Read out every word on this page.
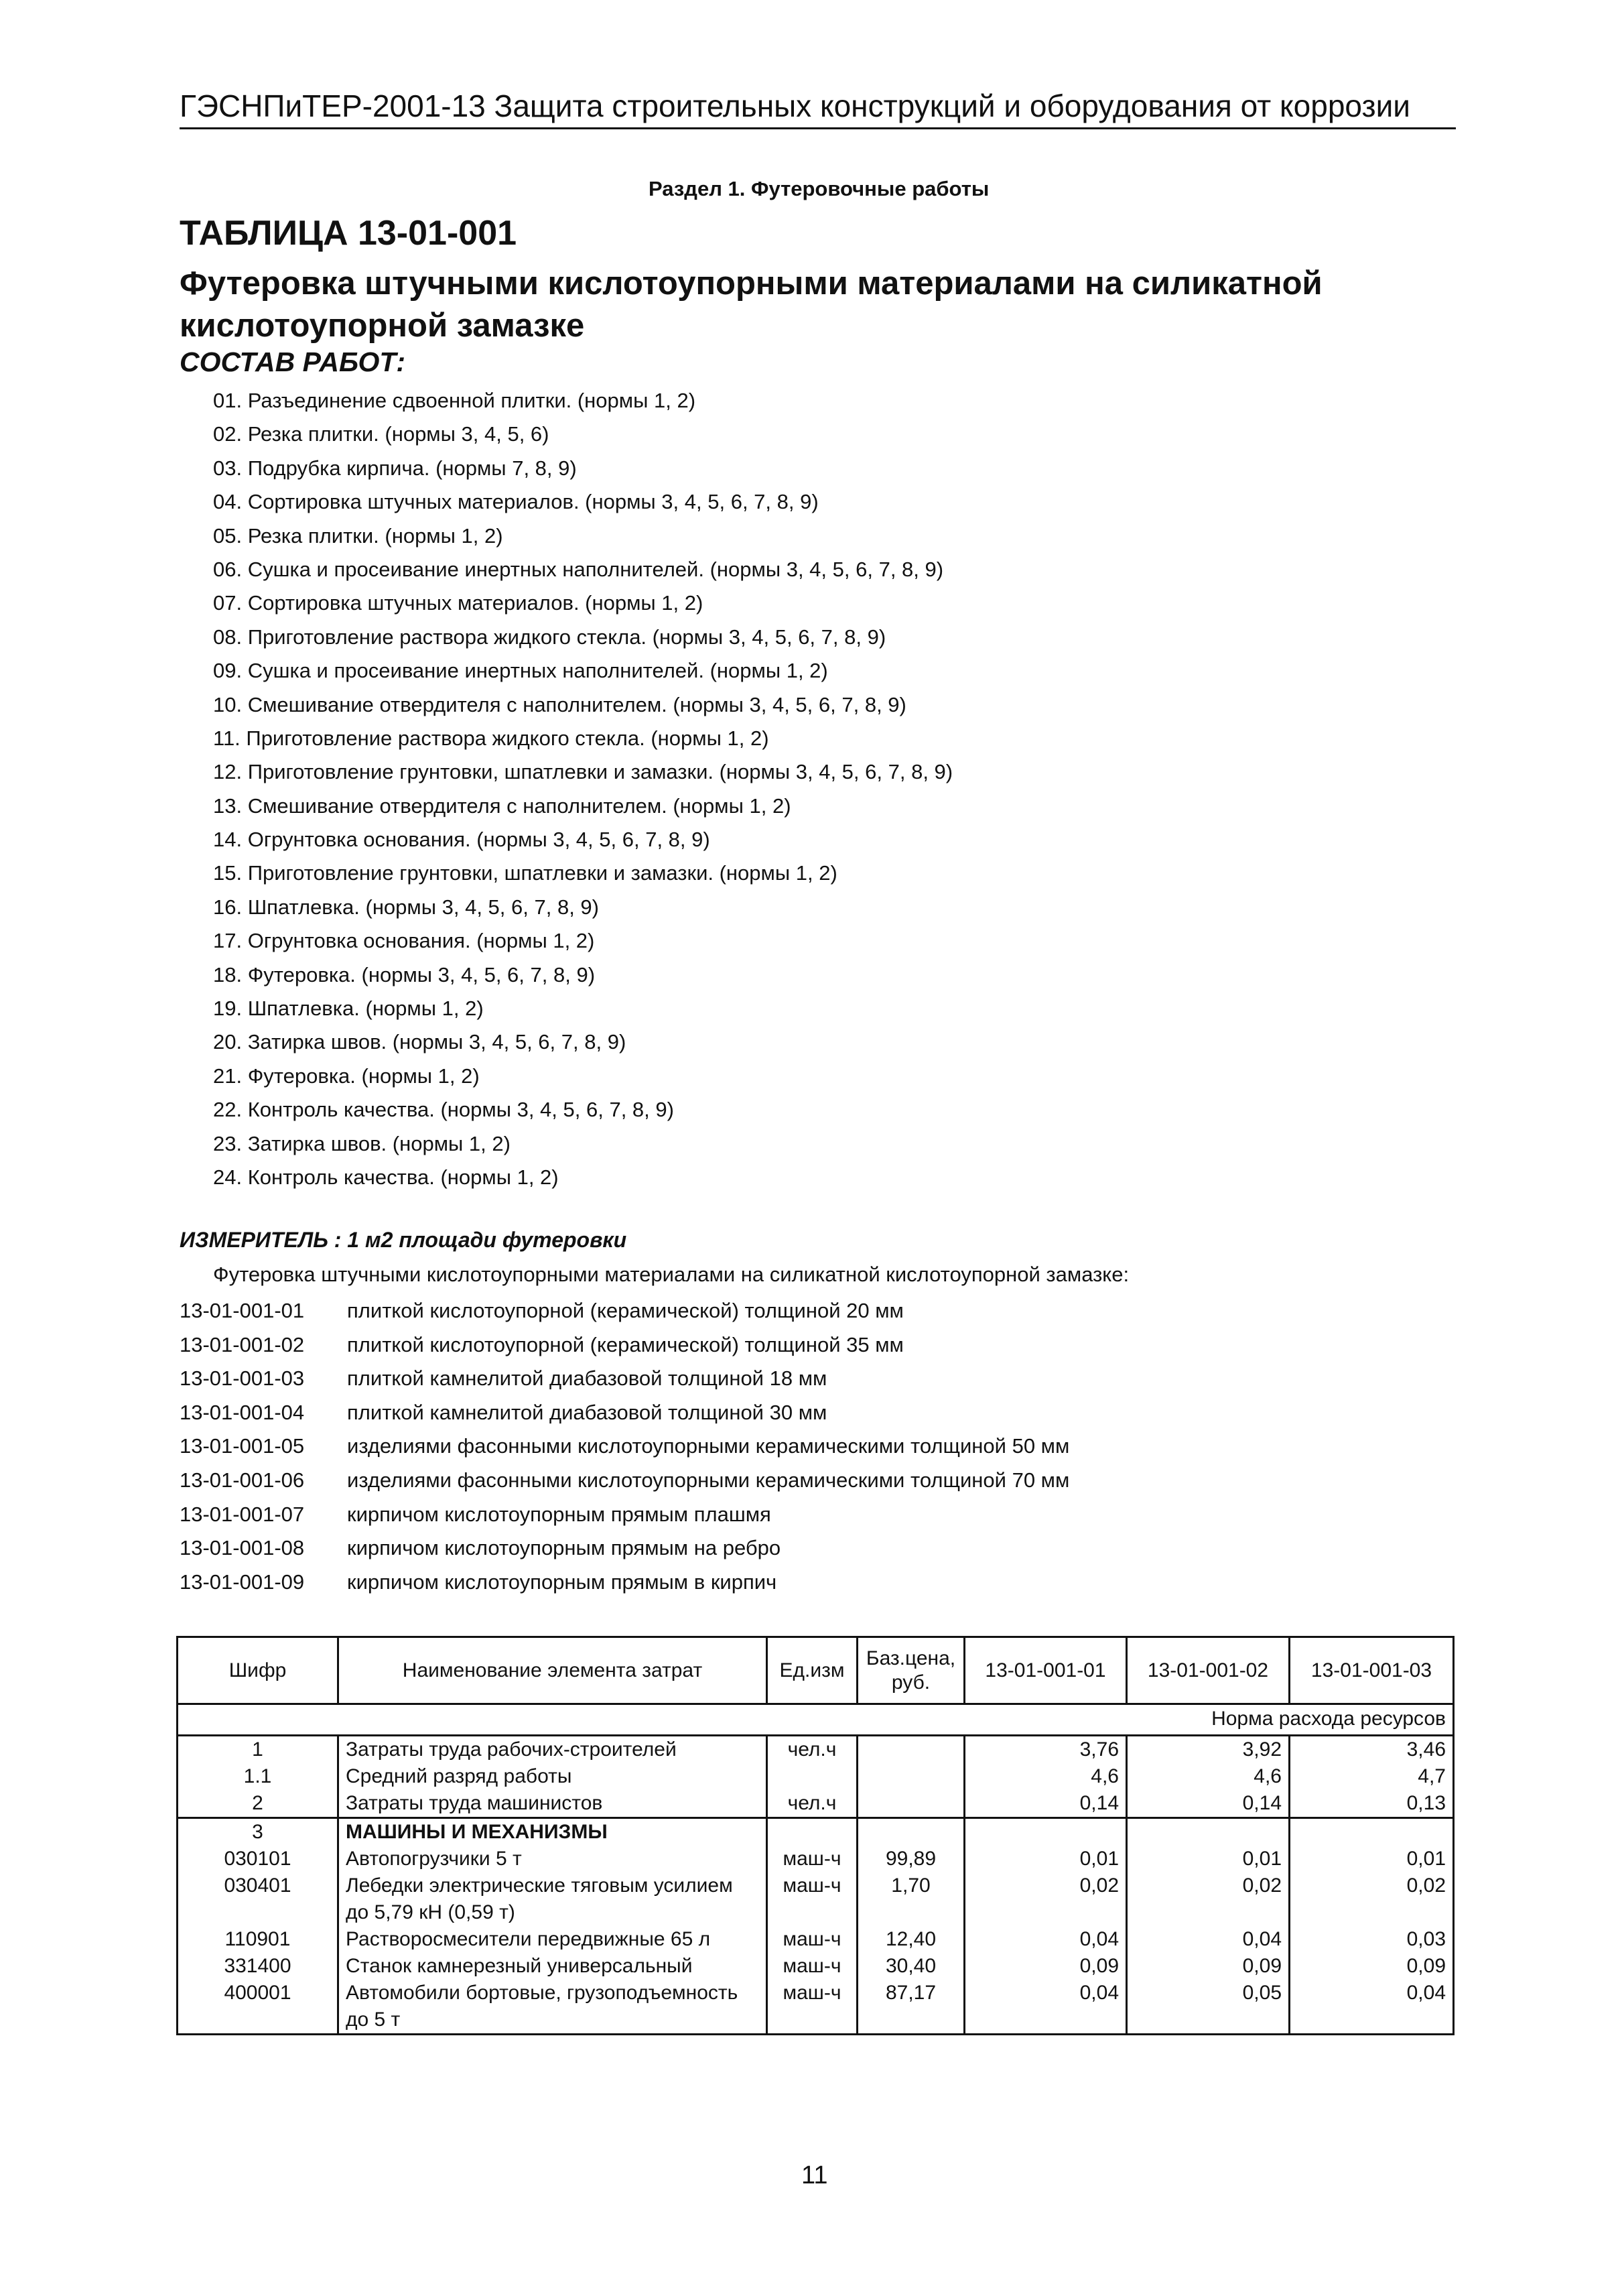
ГЭСНПиТЕР-2001-13 Защита строительных конструкций и оборудования от коррозии
Раздел 1. Футеровочные работы
ТАБЛИЦА 13-01-001
Футеровка штучными кислотоупорными материалами на силикатной кислотоупорной замазке
СОСТАВ РАБОТ:
01. Разъединение сдвоенной плитки. (нормы 1, 2)
02. Резка плитки. (нормы 3, 4, 5, 6)
03. Подрубка кирпича. (нормы 7, 8, 9)
04. Сортировка штучных материалов. (нормы 3, 4, 5, 6, 7, 8, 9)
05. Резка плитки. (нормы 1, 2)
06. Сушка и просеивание инертных наполнителей. (нормы 3, 4, 5, 6, 7, 8, 9)
07. Сортировка штучных материалов. (нормы 1, 2)
08. Приготовление раствора жидкого стекла. (нормы 3, 4, 5, 6, 7, 8, 9)
09. Сушка и просеивание инертных наполнителей. (нормы 1, 2)
10. Смешивание отвердителя с наполнителем. (нормы 3, 4, 5, 6, 7, 8, 9)
11. Приготовление раствора жидкого стекла. (нормы 1, 2)
12. Приготовление грунтовки, шпатлевки и замазки. (нормы 3, 4, 5, 6, 7, 8, 9)
13. Смешивание отвердителя с наполнителем. (нормы 1, 2)
14. Огрунтовка основания. (нормы 3, 4, 5, 6, 7, 8, 9)
15. Приготовление грунтовки, шпатлевки и замазки. (нормы 1, 2)
16. Шпатлевка. (нормы 3, 4, 5, 6, 7, 8, 9)
17. Огрунтовка основания. (нормы 1, 2)
18. Футеровка. (нормы 3, 4, 5, 6, 7, 8, 9)
19. Шпатлевка. (нормы 1, 2)
20. Затирка швов. (нормы 3, 4, 5, 6, 7, 8, 9)
21. Футеровка. (нормы 1, 2)
22. Контроль качества. (нормы 3, 4, 5, 6, 7, 8, 9)
23. Затирка швов. (нормы 1, 2)
24. Контроль качества. (нормы 1, 2)
ИЗМЕРИТЕЛЬ : 1 м2 площади футеровки
Футеровка штучными кислотоупорными материалами на силикатной кислотоупорной замазке:
13-01-001-01	плиткой кислотоупорной (керамической) толщиной 20 мм
13-01-001-02	плиткой кислотоупорной (керамической) толщиной 35 мм
13-01-001-03	плиткой камнелитой диабазовой толщиной 18 мм
13-01-001-04	плиткой камнелитой диабазовой толщиной 30 мм
13-01-001-05	изделиями фасонными кислотоупорными керамическими толщиной 50 мм
13-01-001-06	изделиями фасонными кислотоупорными керамическими толщиной 70 мм
13-01-001-07	кирпичом кислотоупорным прямым плашмя
13-01-001-08	кирпичом кислотоупорным прямым на ребро
13-01-001-09	кирпичом кислотоупорным прямым в кирпич
Шифр	Наименование элемента затрат	Ед.изм	Баз.цена, руб.	13-01-001-01	13-01-001-02	13-01-001-03
Норма расхода ресурсов						
1	Затраты труда рабочих-строителей	чел.ч		3,76	3,92	3,46
1.1	Средний разряд работы			4,6	4,6	4,7
2	Затраты труда машинистов	чел.ч		0,14	0,14	0,13
3	МАШИНЫ И МЕХАНИЗМЫ					
030101	Автопогрузчики 5 т	маш-ч	99,89	0,01	0,01	0,01
030401	Лебедки электрические тяговым усилием до 5,79 кН (0,59 т)	маш-ч	1,70	0,02	0,02	0,02
110901	Растворосмесители передвижные 65 л	маш-ч	12,40	0,04	0,04	0,03
331400	Станок камнерезный универсальный	маш-ч	30,40	0,09	0,09	0,09
400001	Автомобили бортовые, грузоподъемность до 5 т	маш-ч	87,17	0,04	0,05	0,04
11
